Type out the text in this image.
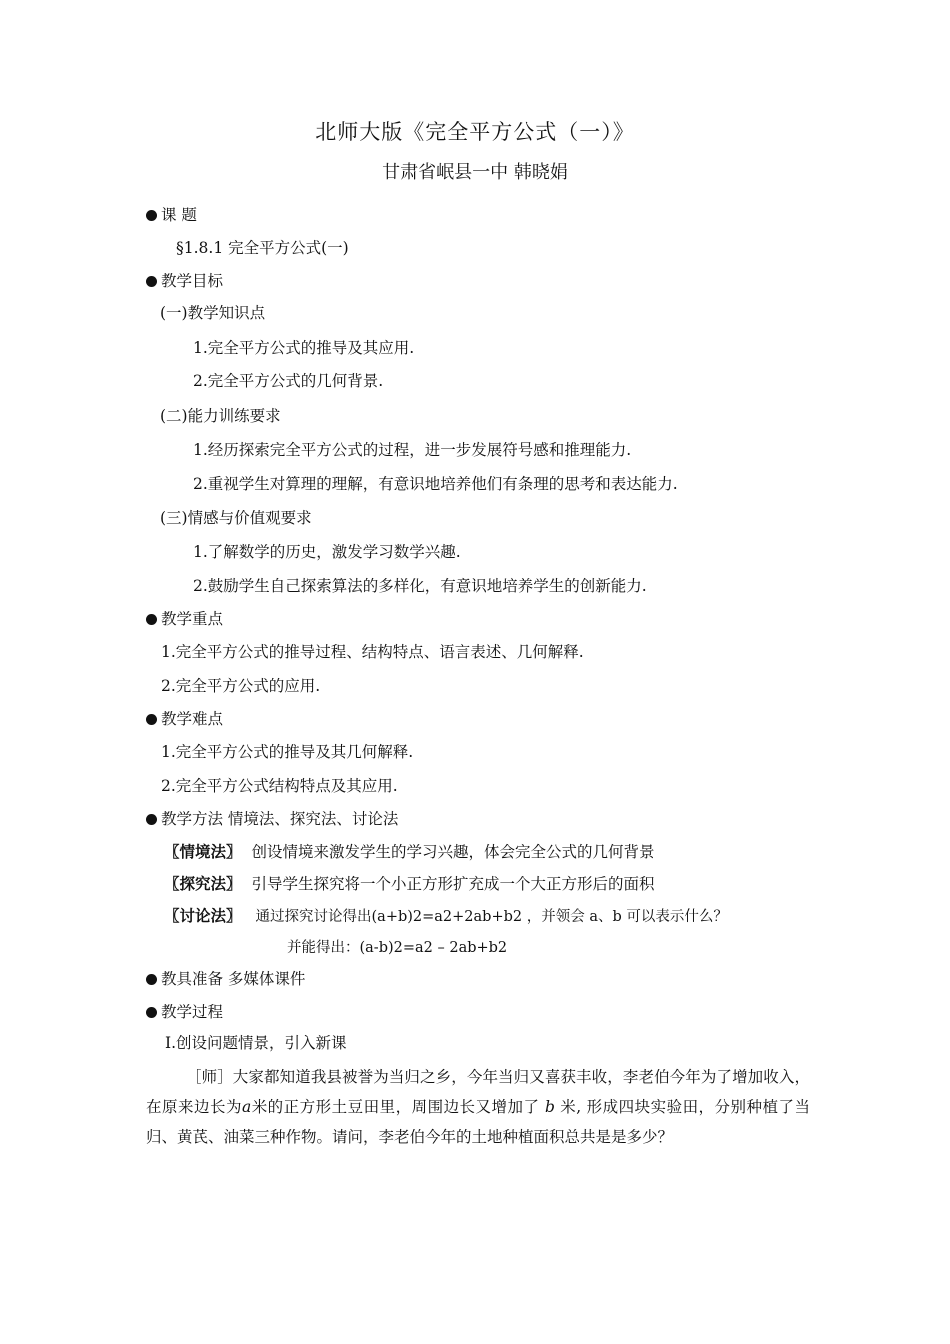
北师大版《完全平方公式（一）》
甘肃省岷县一中 韩晓娟
课 题
§1.8.1 完全平方公式(一)
教学目标
(一)教学知识点
1.完全平方公式的推导及其应用.
2.完全平方公式的几何背景.
(二)能力训练要求
1.经历探索完全平方公式的过程，进一步发展符号感和推理能力.
2.重视学生对算理的理解，有意识地培养他们有条理的思考和表达能力.
(三)情感与价值观要求
1.了解数学的历史，激发学习数学兴趣.
2.鼓励学生自己探索算法的多样化，有意识地培养学生的创新能力.
教学重点
1.完全平方公式的推导过程、结构特点、语言表述、几何解释.
2.完全平方公式的应用.
教学难点
1.完全平方公式的推导及其几何解释.
2.完全平方公式结构特点及其应用.
教学方法 情境法、探究法、讨论法
〖情境法〗 创设情境来激发学生的学习兴趣，体会完全公式的几何背景
〖探究法〗 引导学生探究将一个小正方形扩充成一个大正方形后的面积
〖讨论法〗 通过探究讨论得出(a+b)2=a2+2ab+b2 ，并领会 a、b 可以表示什么？
并能得出：(a-b)2=a2 – 2ab+b2
教具准备 多媒体课件
教学过程
Ⅰ.创设问题情景，引入新课

［师］大家都知道我县被誉为当归之乡，今年当归又喜获丰收，李老伯今年为了增加收入，在原来边长为a米的正方形土豆田里，周围边长又增加了 b 米, 形成四块实验田，分别种植了当归、黄芪、油菜三种作物。请问，李老伯今年的土地种植面积总共是是多少？
